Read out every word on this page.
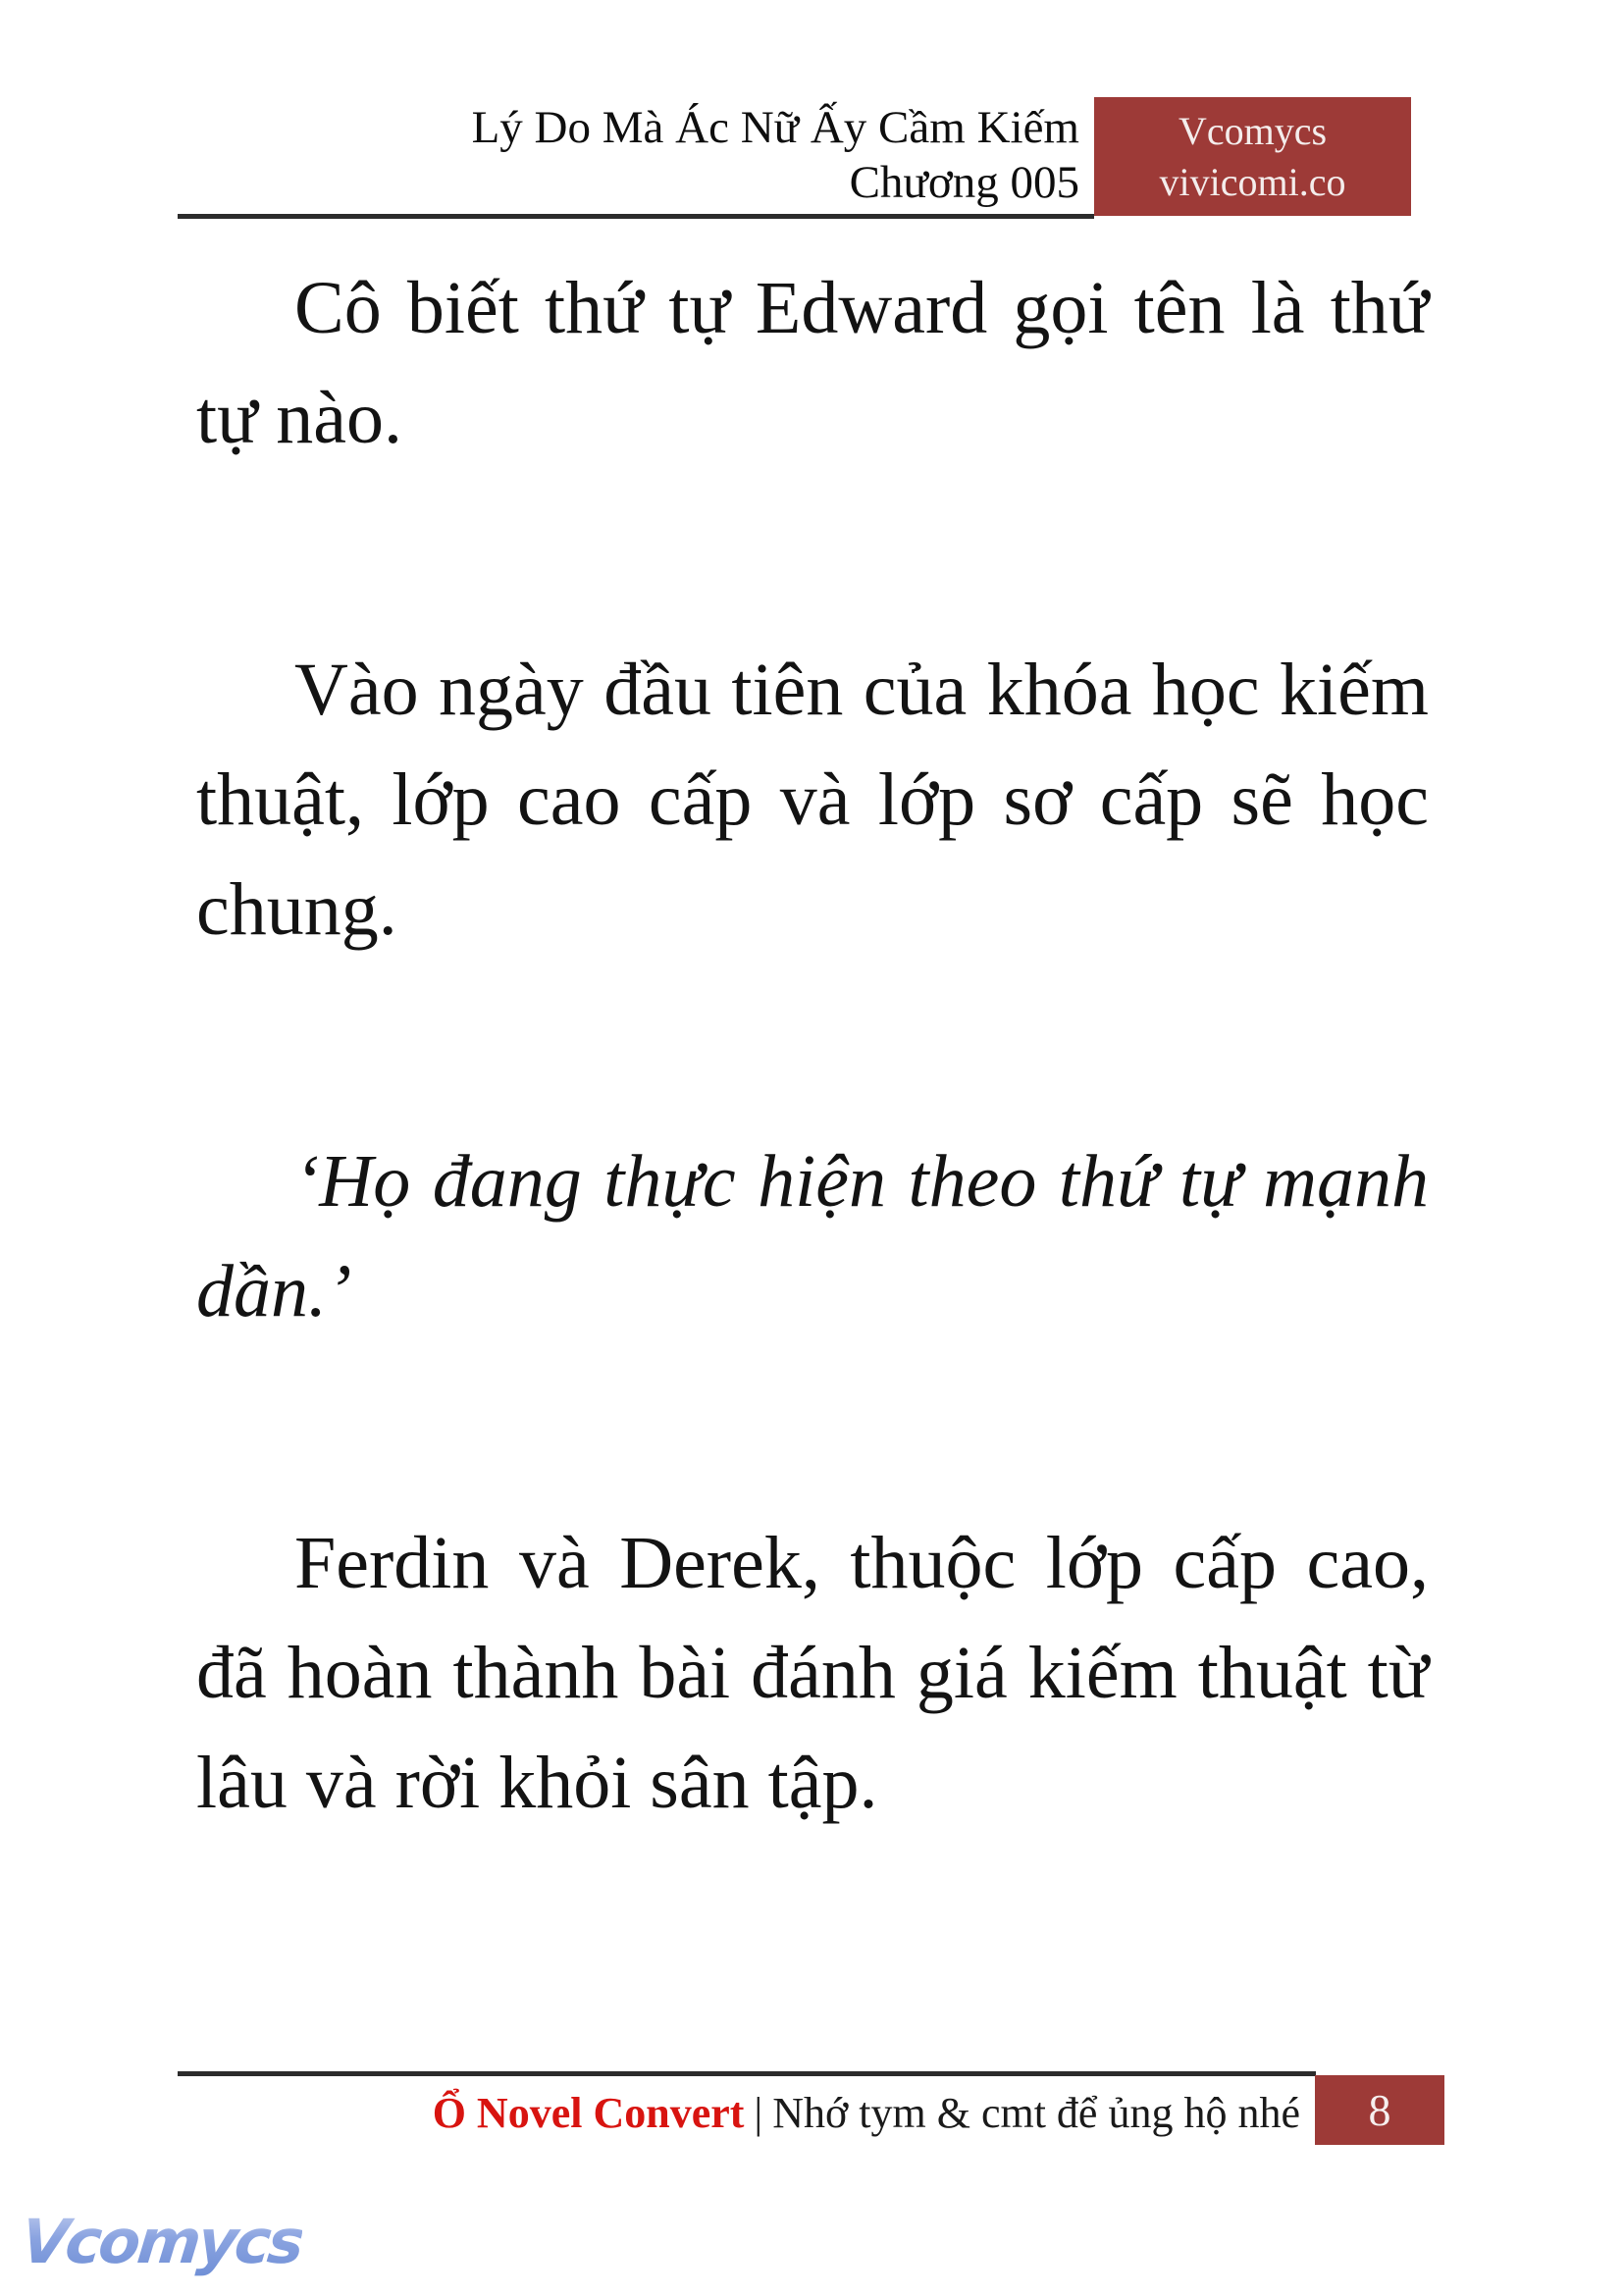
Lý Do Mà Ác Nữ Ấy Cầm Kiếm
Chương 005
Vcomycs
vivicomi.co

Cô biết thứ tự Edward gọi tên là thứ tự nào.

Vào ngày đầu tiên của khóa học kiếm thuật, lớp cao cấp và lớp sơ cấp sẽ học chung.

‘Họ đang thực hiện theo thứ tự mạnh dần.’

Ferdin và Derek, thuộc lớp cấp cao, đã hoàn thành bài đánh giá kiếm thuật từ lâu và rời khỏi sân tập.

Ổ Novel Convert | Nhớ tym & cmt để ủng hộ nhé 8
Vcomycs
